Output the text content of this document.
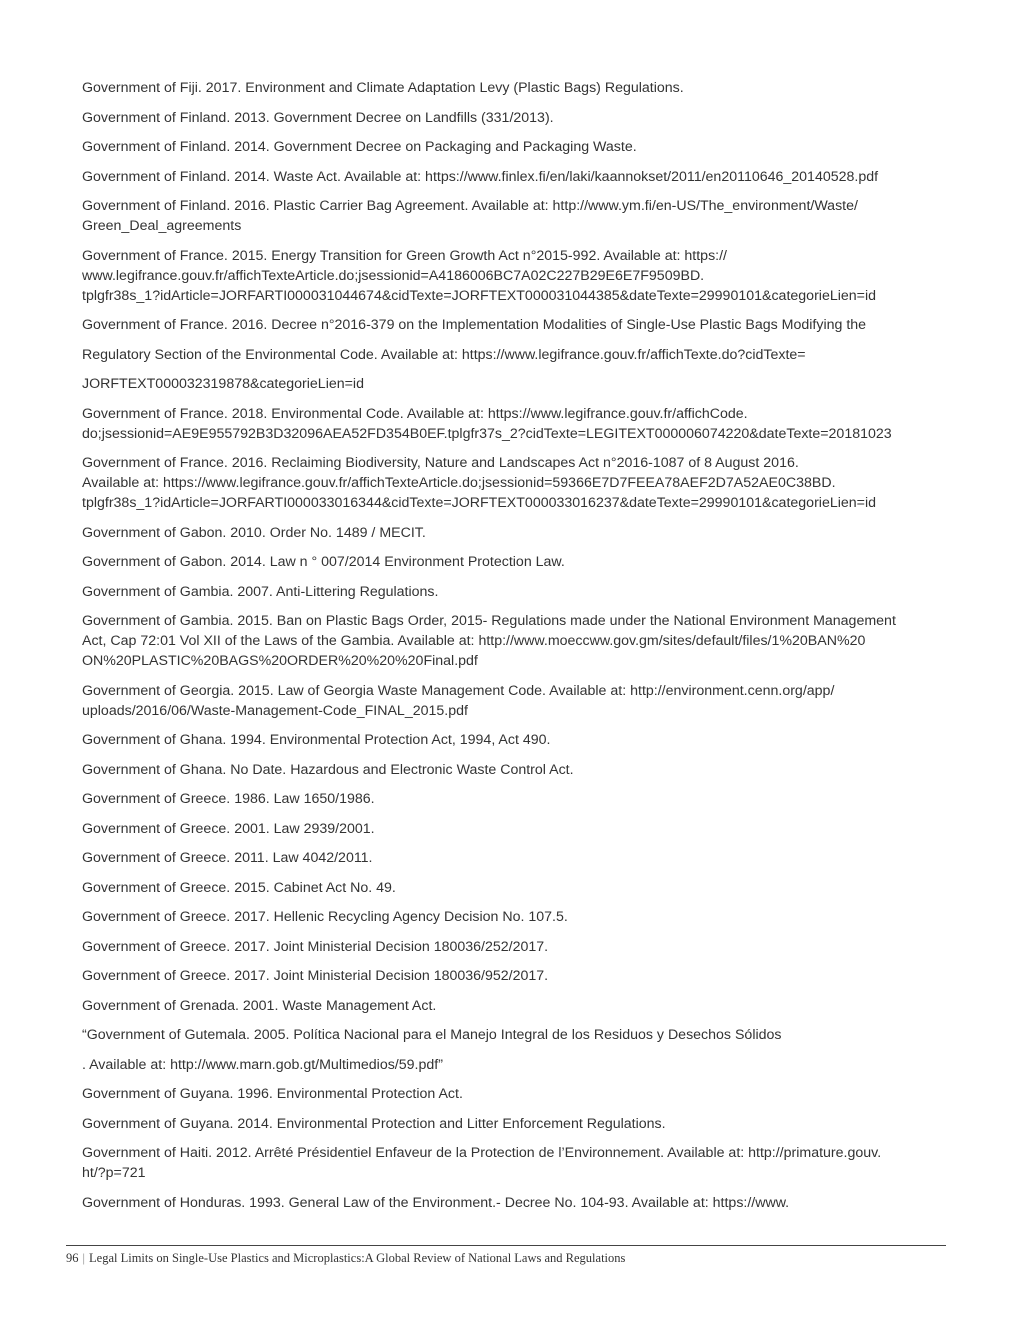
Government of Fiji. 2017. Environment and Climate Adaptation Levy (Plastic Bags) Regulations.

Government of Finland. 2013. Government Decree on Landfills (331/2013).

Government of Finland. 2014. Government Decree on Packaging and Packaging Waste.

Government of Finland. 2014. Waste Act. Available at: https://www.finlex.fi/en/laki/kaannokset/2011/en20110646_20140528.pdf

Government of Finland. 2016. Plastic Carrier Bag Agreement. Available at: http://www.ym.fi/en-US/The_environment/Waste/
Green_Deal_agreements

Government of France. 2015. Energy Transition for Green Growth Act n°2015-992. Available at: https://
www.legifrance.gouv.fr/affichTexteArticle.do;jsessionid=A4186006BC7A02C227B29E6E7F9509BD.
tplgfr38s_1?idArticle=JORFARTI000031044674&cidTexte=JORFTEXT000031044385&dateTexte=29990101&categorieLien=id

Government of France. 2016. Decree n°2016-379 on the Implementation Modalities of Single-Use Plastic Bags Modifying the

Regulatory Section of the Environmental Code. Available at: https://www.legifrance.gouv.fr/affichTexte.do?cidTexte=

JORFTEXT000032319878&categorieLien=id

Government of France. 2018. Environmental Code. Available at: https://www.legifrance.gouv.fr/affichCode.
do;jsessionid=AE9E955792B3D32096AEA52FD354B0EF.tplgfr37s_2?cidTexte=LEGITEXT000006074220&dateTexte=20181023

Government of France. 2016. Reclaiming Biodiversity, Nature and Landscapes Act n°2016-1087 of 8 August 2016.
Available at: https://www.legifrance.gouv.fr/affichTexteArticle.do;jsessionid=59366E7D7FEEA78AEF2D7A52AE0C38BD.
tplgfr38s_1?idArticle=JORFARTI000033016344&cidTexte=JORFTEXT000033016237&dateTexte=29990101&categorieLien=id

Government of Gabon. 2010. Order No. 1489 / MECIT.

Government of Gabon. 2014. Law n ° 007/2014 Environment Protection Law.

Government of Gambia. 2007. Anti-Littering Regulations.

Government of Gambia. 2015. Ban on Plastic Bags Order, 2015- Regulations made under the National Environment Management
Act, Cap 72:01 Vol XII of the Laws of the Gambia. Available at: http://www.moeccww.gov.gm/sites/default/files/1%20BAN%20
ON%20PLASTIC%20BAGS%20ORDER%20%20%20Final.pdf

Government of Georgia. 2015. Law of Georgia Waste Management Code. Available at: http://environment.cenn.org/app/
uploads/2016/06/Waste-Management-Code_FINAL_2015.pdf

Government of Ghana. 1994. Environmental Protection Act, 1994, Act 490.

Government of Ghana. No Date. Hazardous and Electronic Waste Control Act.

Government of Greece. 1986. Law 1650/1986.

Government of Greece. 2001. Law 2939/2001.

Government of Greece. 2011. Law 4042/2011.

Government of Greece. 2015. Cabinet Act No. 49.

Government of Greece. 2017. Hellenic Recycling Agency Decision No. 107.5.

Government of Greece. 2017. Joint Ministerial Decision 180036/252/2017.

Government of Greece. 2017. Joint Ministerial Decision 180036/952/2017.

Government of Grenada. 2001. Waste Management Act.

“Government of Gutemala. 2005. Política Nacional para el Manejo Integral de los Residuos y Desechos Sólidos

. Available at: http://www.marn.gob.gt/Multimedios/59.pdf”

Government of Guyana. 1996. Environmental Protection Act.

Government of Guyana. 2014. Environmental Protection and Litter Enforcement Regulations.

Government of Haiti. 2012. Arrêté Présidentiel Enfaveur de la Protection de l’Environnement. Available at: http://primature.gouv.
ht/?p=721

Government of Honduras. 1993. General Law of the Environment.- Decree No. 104-93. Available at: https://www.

96 | Legal Limits on Single-Use Plastics and Microplastics:A Global Review of National Laws and Regulations
